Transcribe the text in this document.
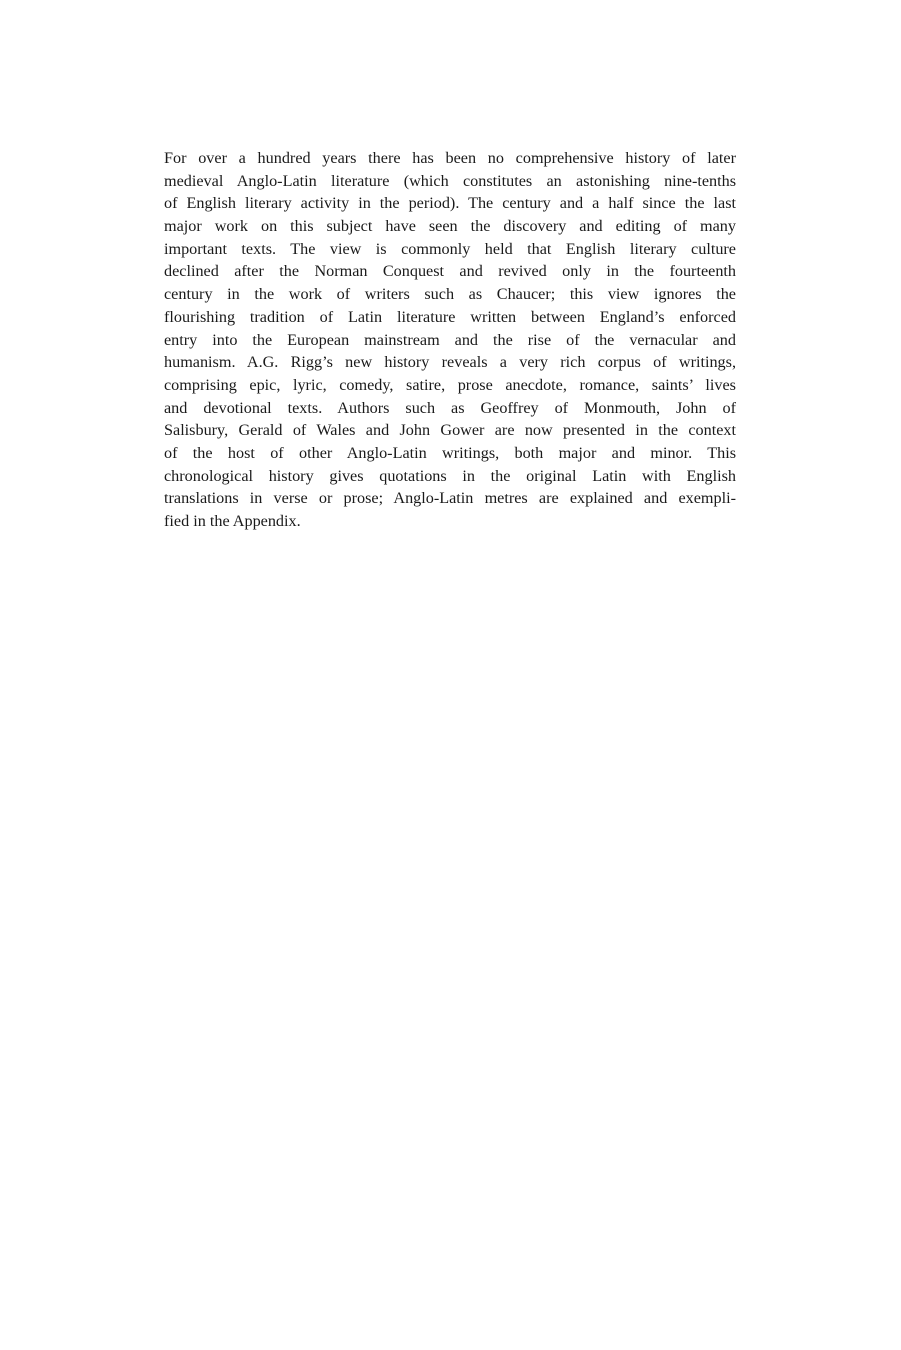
For over a hundred years there has been no comprehensive history of later
medieval Anglo-Latin literature (which constitutes an astonishing nine-tenths
of English literary activity in the period). The century and a half since the last
major work on this subject have seen the discovery and editing of many
important texts. The view is commonly held that English literary culture
declined after the Norman Conquest and revived only in the fourteenth
century in the work of writers such as Chaucer; this view ignores the
flourishing tradition of Latin literature written between England’s enforced
entry into the European mainstream and the rise of the vernacular and
humanism. A.G. Rigg’s new history reveals a very rich corpus of writings,
comprising epic, lyric, comedy, satire, prose anecdote, romance, saints’ lives
and devotional texts. Authors such as Geoffrey of Monmouth, John of
Salisbury, Gerald of Wales and John Gower are now presented in the context
of the host of other Anglo-Latin writings, both major and minor. This
chronological history gives quotations in the original Latin with English
translations in verse or prose; Anglo-Latin metres are explained and exempli-
fied in the Appendix.
